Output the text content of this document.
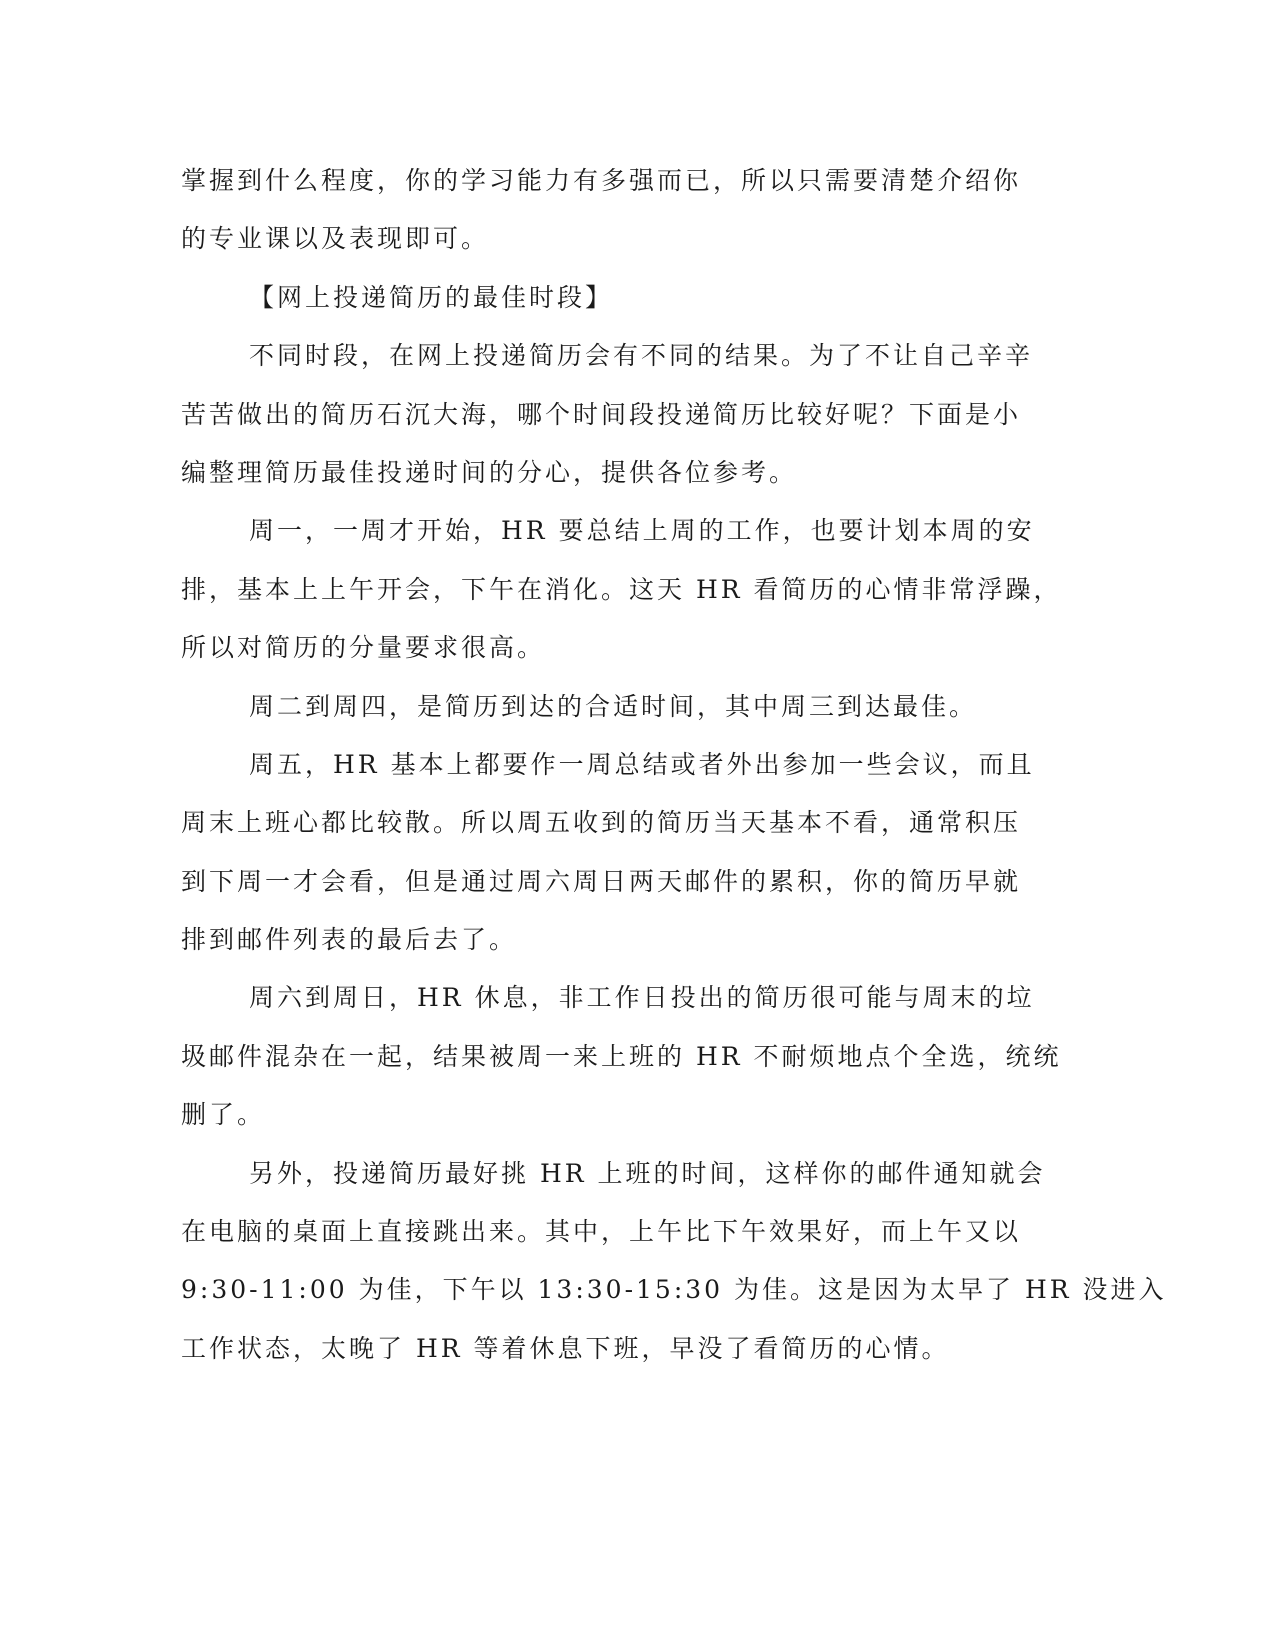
掌握到什么程度，你的学习能力有多强而已，所以只需要清楚介绍你
的专业课以及表现即可。
【网上投递简历的最佳时段】
不同时段，在网上投递简历会有不同的结果。为了不让自己辛辛
苦苦做出的简历石沉大海，哪个时间段投递简历比较好呢？下面是小
编整理简历最佳投递时间的分心，提供各位参考。
周一，一周才开始，HR 要总结上周的工作，也要计划本周的安
排，基本上上午开会，下午在消化。这天 HR 看简历的心情非常浮躁，
所以对简历的分量要求很高。
周二到周四，是简历到达的合适时间，其中周三到达最佳。
周五，HR 基本上都要作一周总结或者外出参加一些会议，而且
周末上班心都比较散。所以周五收到的简历当天基本不看，通常积压
到下周一才会看，但是通过周六周日两天邮件的累积，你的简历早就
排到邮件列表的最后去了。
周六到周日，HR 休息，非工作日投出的简历很可能与周末的垃
圾邮件混杂在一起，结果被周一来上班的 HR 不耐烦地点个全选，统统
删了。
另外，投递简历最好挑 HR 上班的时间，这样你的邮件通知就会
在电脑的桌面上直接跳出来。其中，上午比下午效果好，而上午又以
9:30-11:00 为佳，下午以 13:30-15:30 为佳。这是因为太早了 HR 没进入
工作状态，太晚了 HR 等着休息下班，早没了看简历的心情。
